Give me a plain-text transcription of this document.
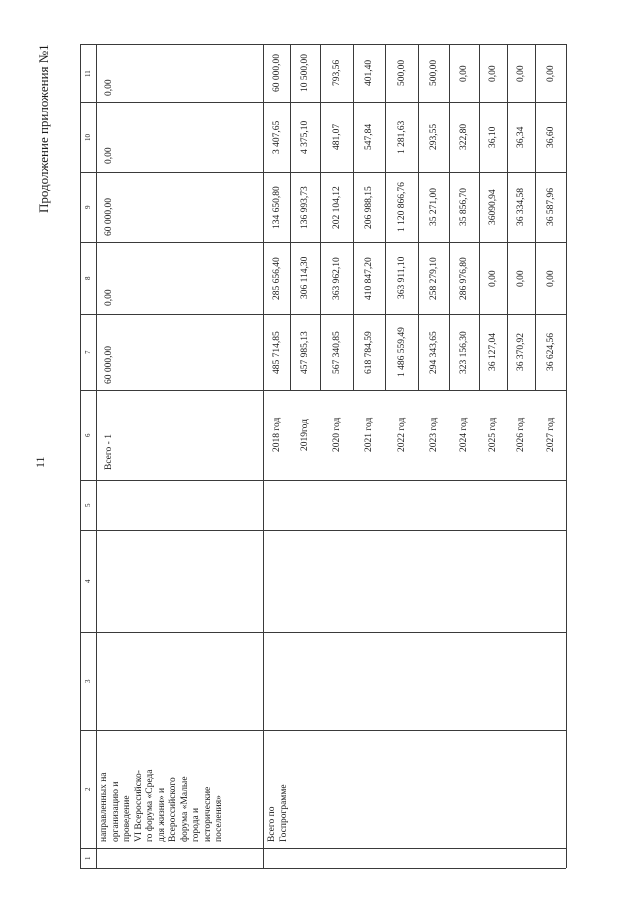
11
Продолжение приложения №1
1
2
3
4
5
6
7
8
9
10
11
направленных на организацию и проведение VI Всероссийско- го форума «Среда для жизни» и Всероссийского форума «Малые города и исторические поселения»
Всего - 1
60 000,00
0,00
60 000,00
0,00
0,00
Всего по Госпрограмме
2018 год
485 714,85
285 656,40
134 650,80
3 407,65
60 000,00
2019год
457 985,13
306 114,30
136 993,73
4 375,10
10 500,00
2020 год
567 340,85
363 962,10
202 104,12
481,07
793,56
2021 год
618 784,59
410 847,20
206 988,15
547,84
401,40
2022 год
1 486 559,49
363 911,10
1 120 866,76
1 281,63
500,00
2023 год
294 343,65
258 279,10
35 271,00
293,55
500,00
2024 год
323 156,30
286 976,80
35 856,70
322,80
0,00
2025 год
36 127,04
0,00
36090,94
36,10
0,00
2026 год
36 370,92
0,00
36 334,58
36,34
0,00
2027 год
36 624,56
0,00
36 587,96
36,60
0,00
